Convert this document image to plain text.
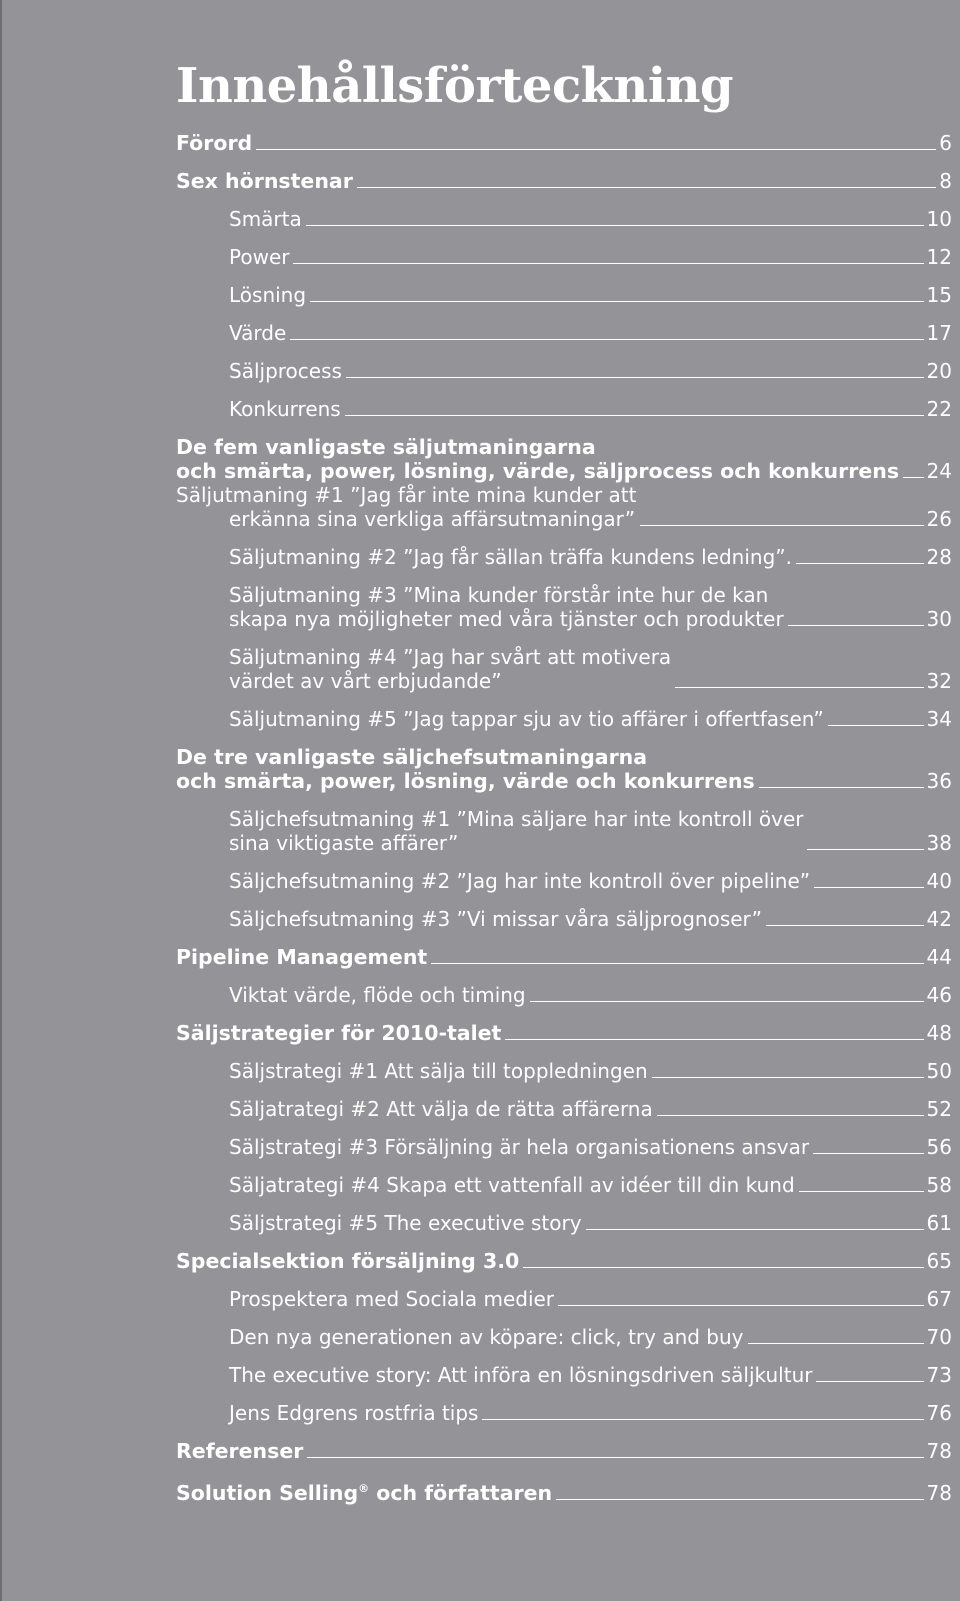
Innehållsförteckning
Förord	6
Sex hörnstenar	8
Smärta	10
Power	12
Lösning	15
Värde	17
Säljprocess	20
Konkurrens	22
De fem vanligaste säljutmaningarna
och smärta, power, lösning, värde, säljprocess och konkurrens 24
Säljutmaning #1 ”Jag får inte mina kunder att
erkänna sina verkliga affärsutmaningar”	26
Säljutmaning #2 ”Jag får sällan träffa kundens ledning”.	28
Säljutmaning #3 ”Mina kunder förstår inte hur de kan
skapa nya möjligheter med våra tjänster och produkter	30
Säljutmaning #4 ”Jag har svårt att motivera
värdet av vårt erbjudande”	32
Säljutmaning #5 ”Jag tappar sju av tio affärer i offertfasen”	34
De tre vanligaste säljchefsutmaningarna
och smärta, power, lösning, värde och konkurrens	36
Säljchefsutmaning #1 ”Mina säljare har inte kontroll över
sina viktigaste affärer”	38
Säljchefsutmaning #2 ”Jag har inte kontroll över pipeline”	40
Säljchefsutmaning #3 ”Vi missar våra säljprognoser”	42
Pipeline Management	44
Viktat värde, flöde och timing	46
Säljstrategier för 2010-talet	48
Säljstrategi #1 Att sälja till toppledningen	50
Säljatrategi #2 Att välja de rätta affärerna	52
Säljstrategi #3 Försäljning är hela organisationens ansvar	56
Säljatrategi #4 Skapa ett vattenfall av idéer till din kund	58
Säljstrategi #5 The executive story	61
Specialsektion försäljning 3.0	65
Prospektera med Sociala medier	67
Den nya generationen av köpare: click, try and buy	70
The executive story: Att införa en lösningsdriven säljkultur	73
Jens Edgrens rostfria tips	76
Referenser	78
Solution Selling® och författaren	78
